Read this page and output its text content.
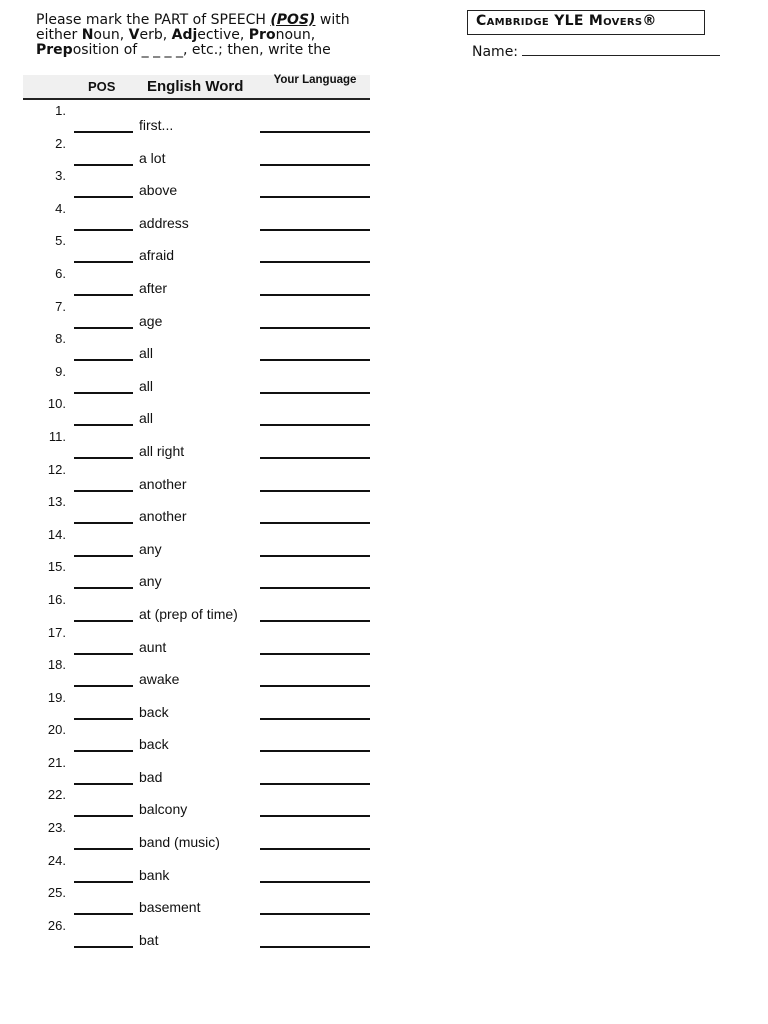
Please mark the PART of SPEECH (POS) with
either Noun, Verb, Adjective, Pronoun,
Preposition of _ _ _ _, etc.; then, write the
Cambridge YLE Movers®
Name:
POS English Word	Your Language
1.
first...
2.
a lot
3.
above
4.
address
5.
afraid
6.
after
7.
age
8.
all
9.
all
10.
all
11.
all right
12.
another
13.
another
14.
any
15.
any
16.
at (prep of time)
17.
aunt
18.
awake
19.
back
20.
back
21.
bad
22.
balcony
23.
band (music)
24.
bank
25.
basement
26.
bat
